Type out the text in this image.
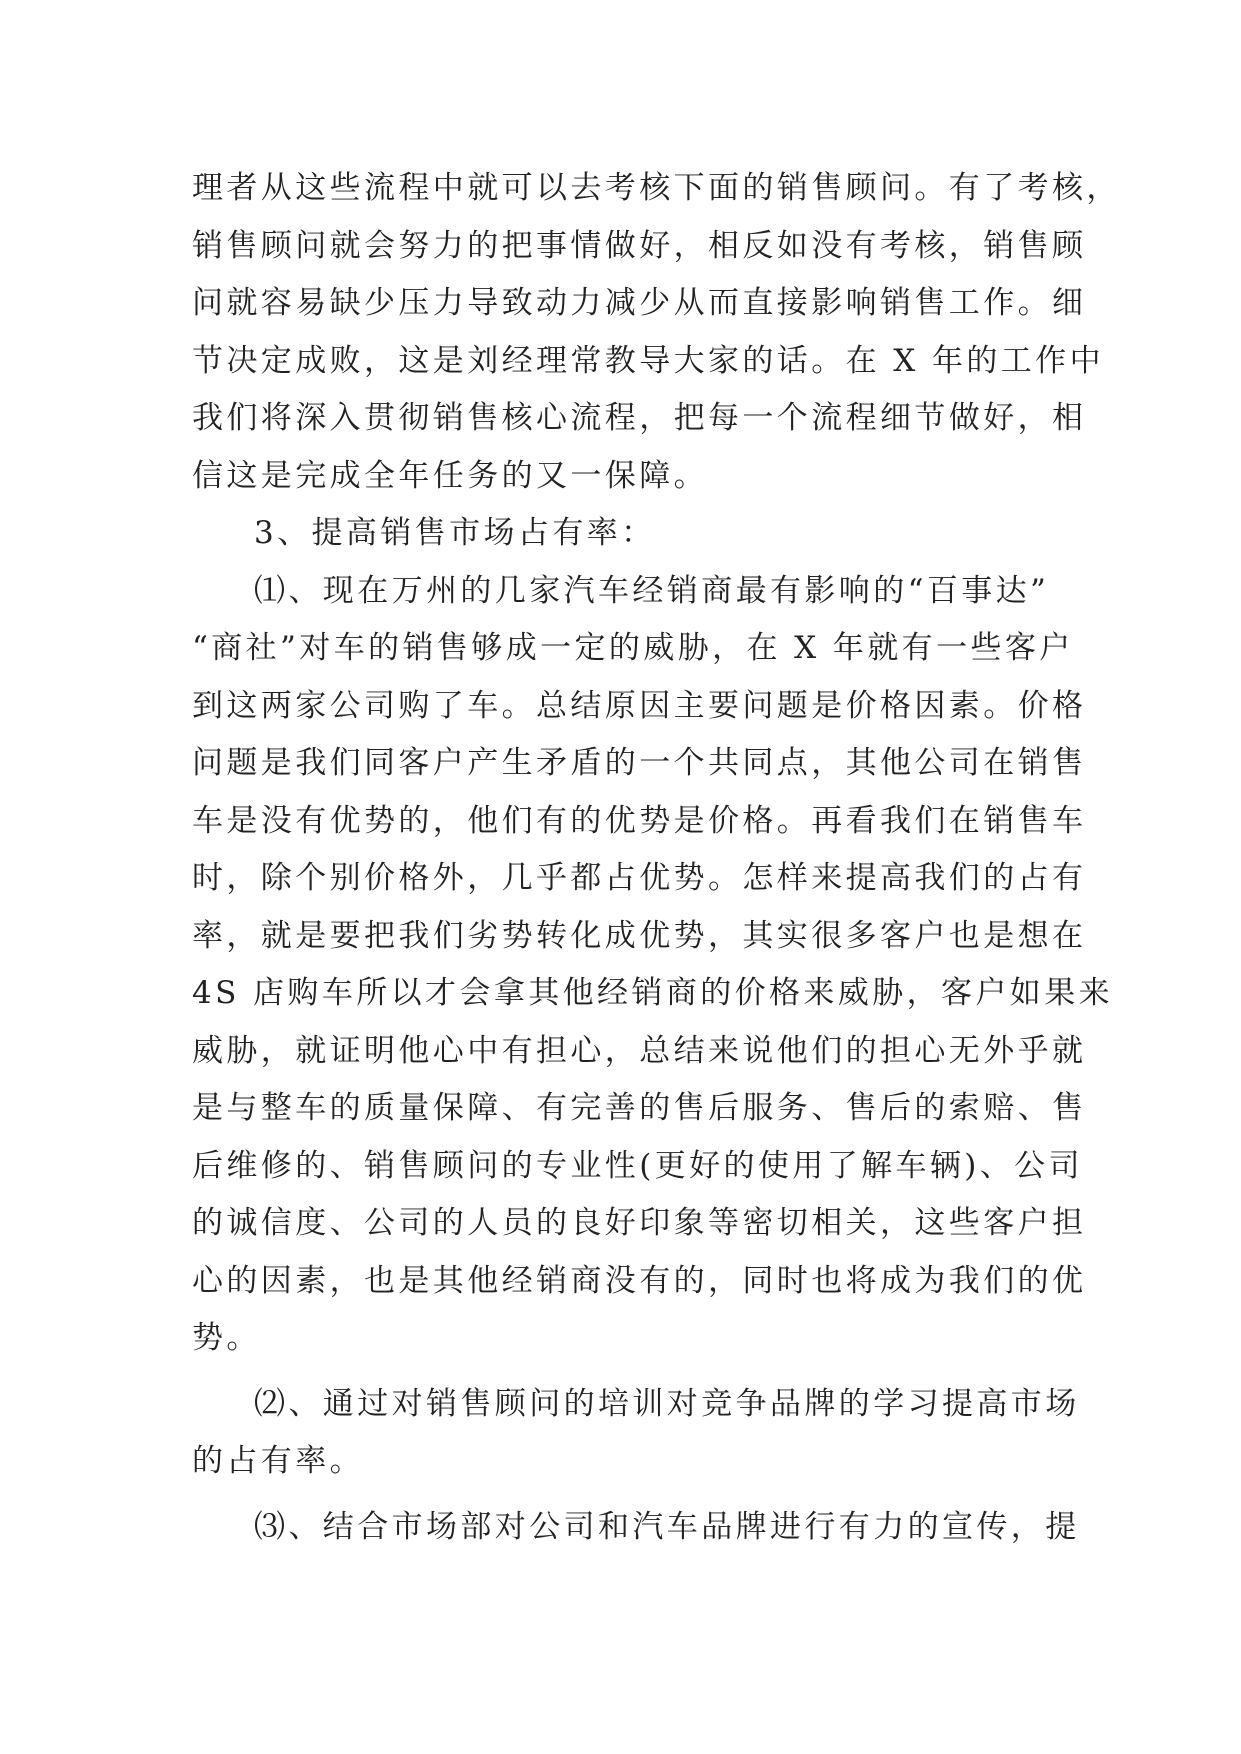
理者从这些流程中就可以去考核下面的销售顾问。有了考核，
销售顾问就会努力的把事情做好，相反如没有考核，销售顾
问就容易缺少压力导致动力减少从而直接影响销售工作。细
节决定成败，这是刘经理常教导大家的话。在 X 年的工作中
我们将深入贯彻销售核心流程，把每一个流程细节做好，相
信这是完成全年任务的又一保障。
3、提高销售市场占有率：
⑴、现在万州的几家汽车经销商最有影响的“百事达”
“商社”对车的销售够成一定的威胁，在 X 年就有一些客户
到这两家公司购了车。总结原因主要问题是价格因素。价格
问题是我们同客户产生矛盾的一个共同点，其他公司在销售
车是没有优势的，他们有的优势是价格。再看我们在销售车
时，除个别价格外，几乎都占优势。怎样来提高我们的占有
率，就是要把我们劣势转化成优势，其实很多客户也是想在
4S 店购车所以才会拿其他经销商的价格来威胁，客户如果来
威胁，就证明他心中有担心，总结来说他们的担心无外乎就
是与整车的质量保障、有完善的售后服务、售后的索赔、售
后维修的、销售顾问的专业性(更好的使用了解车辆)、公司
的诚信度、公司的人员的良好印象等密切相关，这些客户担
心的因素，也是其他经销商没有的，同时也将成为我们的优
势。
⑵、通过对销售顾问的培训对竞争品牌的学习提高市场
的占有率。
⑶、结合市场部对公司和汽车品牌进行有力的宣传，提
